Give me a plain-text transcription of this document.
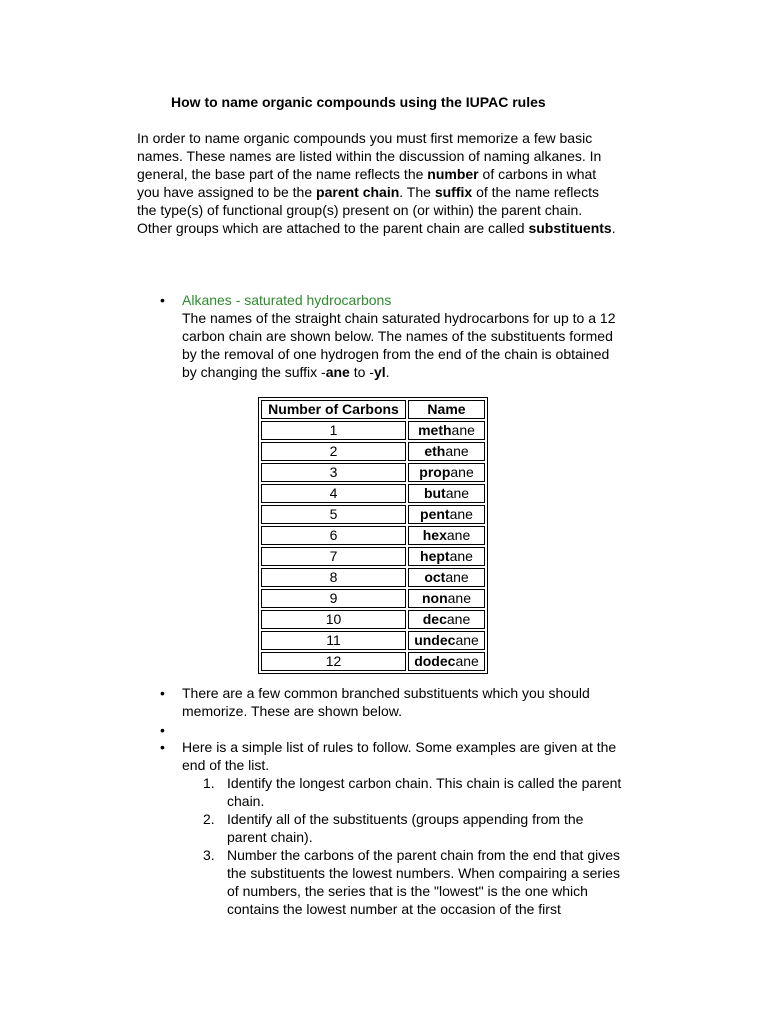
How to name organic compounds using the IUPAC rules
In order to name organic compounds you must first memorize a few basic
names. These names are listed within the discussion of naming alkanes. In
general, the base part of the name reflects the number of carbons in what
you have assigned to be the parent chain. The suffix of the name reflects
the type(s) of functional group(s) present on (or within) the parent chain.
Other groups which are attached to the parent chain are called substituents.
• Alkanes - saturated hydrocarbons
The names of the straight chain saturated hydrocarbons for up to a 12
carbon chain are shown below. The names of the substituents formed
by the removal of one hydrogen from the end of the chain is obtained
by changing the suffix -ane to -yl.
Number of Carbons	Name
1	methane
2	ethane
3	propane
4	butane
5	pentane
6	hexane
7	heptane
8	octane
9	nonane
10	decane
11	undecane
12	dodecane
• There are a few common branched substituents which you should
memorize. These are shown below.
•
• Here is a simple list of rules to follow. Some examples are given at the
end of the list.
1. Identify the longest carbon chain. This chain is called the parent
chain.
2. Identify all of the substituents (groups appending from the
parent chain).
3. Number the carbons of the parent chain from the end that gives
the substituents the lowest numbers. When compairing a series
of numbers, the series that is the "lowest" is the one which
contains the lowest number at the occasion of the first
